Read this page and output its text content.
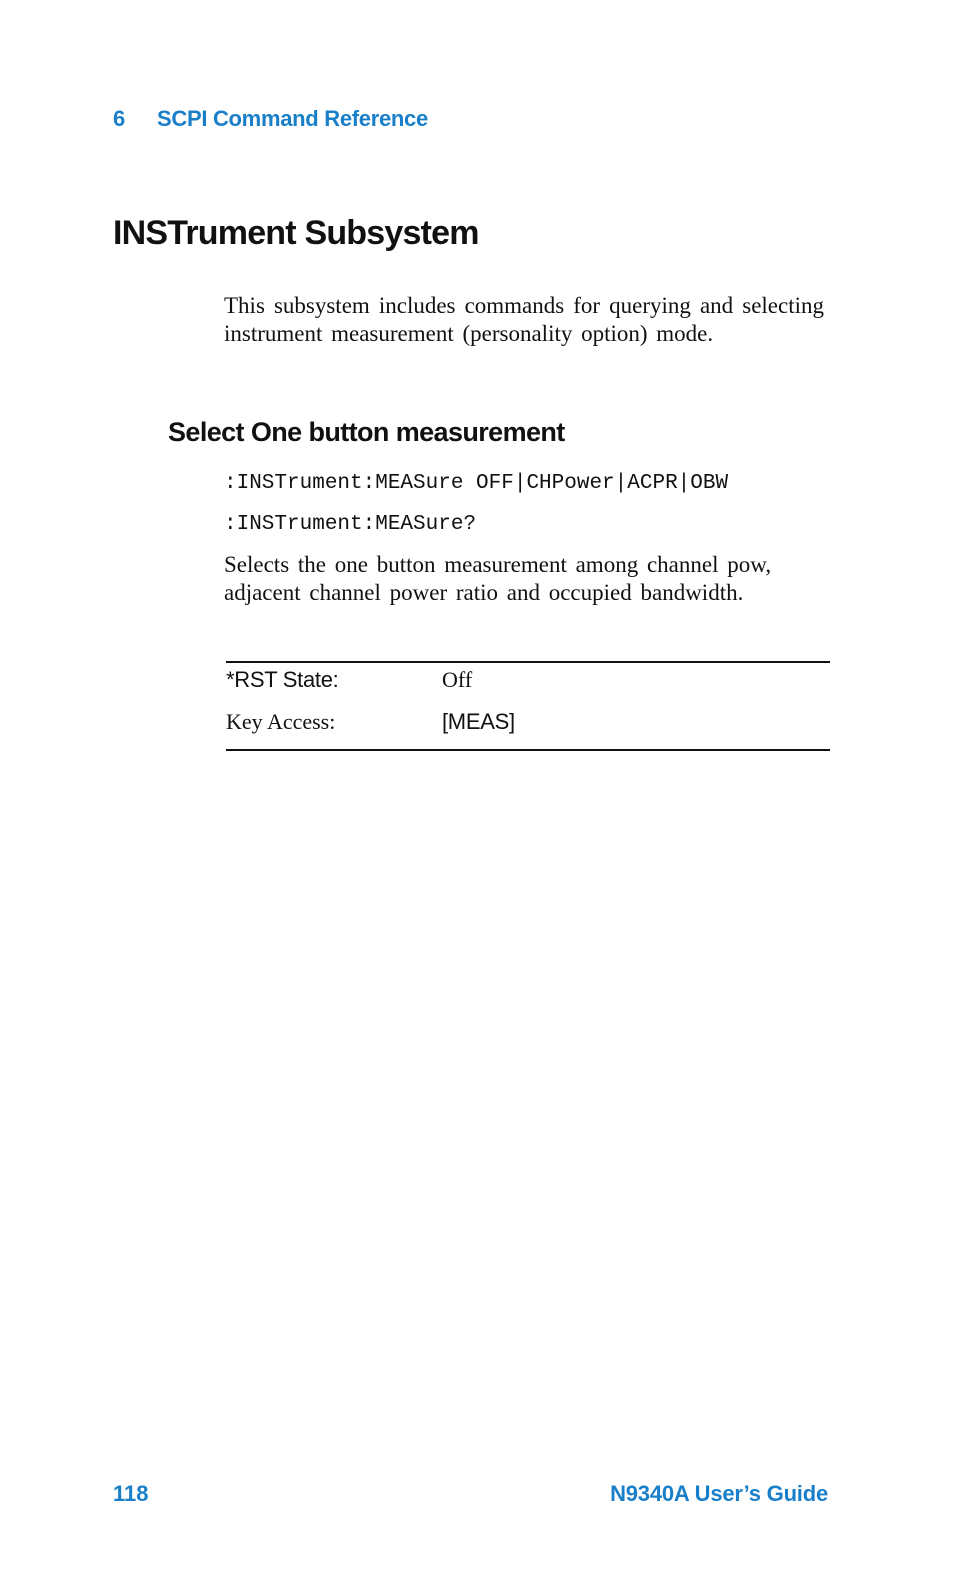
6 SCPI Command Reference
INSTrument Subsystem

This subsystem includes commands for querying and selecting instrument measurement (personality option) mode.

Select One button measurement

:INSTrument:MEASure OFF|CHPower|ACPR|OBW

:INSTrument:MEASure?

Selects the one button measurement among channel pow, adjacent channel power ratio and occupied bandwidth.

*RST State:	Off
Key Access:	[MEAS]
118	N9340A User’s Guide
